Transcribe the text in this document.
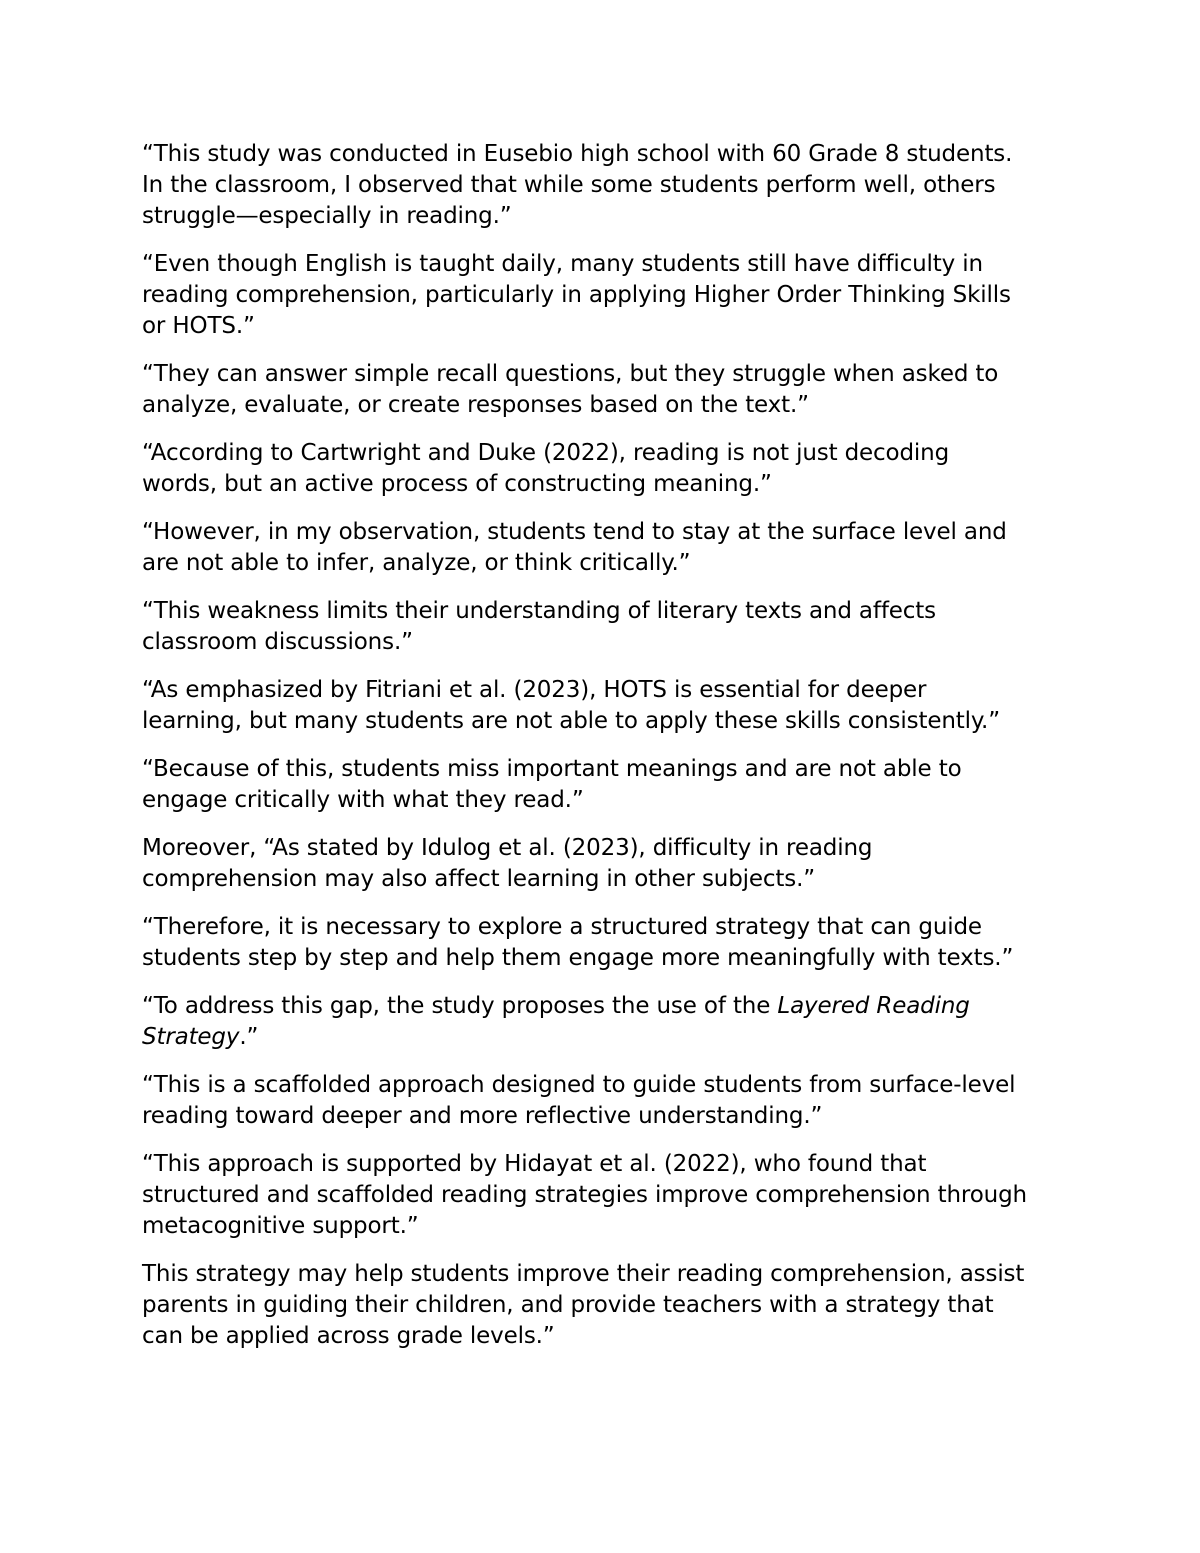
“This study was conducted in Eusebio high school with 60 Grade 8 students.
In the classroom, I observed that while some students perform well, others
struggle—especially in reading.”

“Even though English is taught daily, many students still have difficulty in
reading comprehension, particularly in applying Higher Order Thinking Skills
or HOTS.”

“They can answer simple recall questions, but they struggle when asked to
analyze, evaluate, or create responses based on the text.”

“According to Cartwright and Duke (2022), reading is not just decoding
words, but an active process of constructing meaning.”

“However, in my observation, students tend to stay at the surface level and
are not able to infer, analyze, or think critically.”

“This weakness limits their understanding of literary texts and affects
classroom discussions.”

“As emphasized by Fitriani et al. (2023), HOTS is essential for deeper
learning, but many students are not able to apply these skills consistently.”

“Because of this, students miss important meanings and are not able to
engage critically with what they read.”

Moreover, “As stated by Idulog et al. (2023), difficulty in reading
comprehension may also affect learning in other subjects.”

“Therefore, it is necessary to explore a structured strategy that can guide
students step by step and help them engage more meaningfully with texts.”

“To address this gap, the study proposes the use of the Layered Reading
Strategy.”

“This is a scaffolded approach designed to guide students from surface-level
reading toward deeper and more reflective understanding.”

“This approach is supported by Hidayat et al. (2022), who found that
structured and scaffolded reading strategies improve comprehension through
metacognitive support.”

This strategy may help students improve their reading comprehension, assist
parents in guiding their children, and provide teachers with a strategy that
can be applied across grade levels.”
